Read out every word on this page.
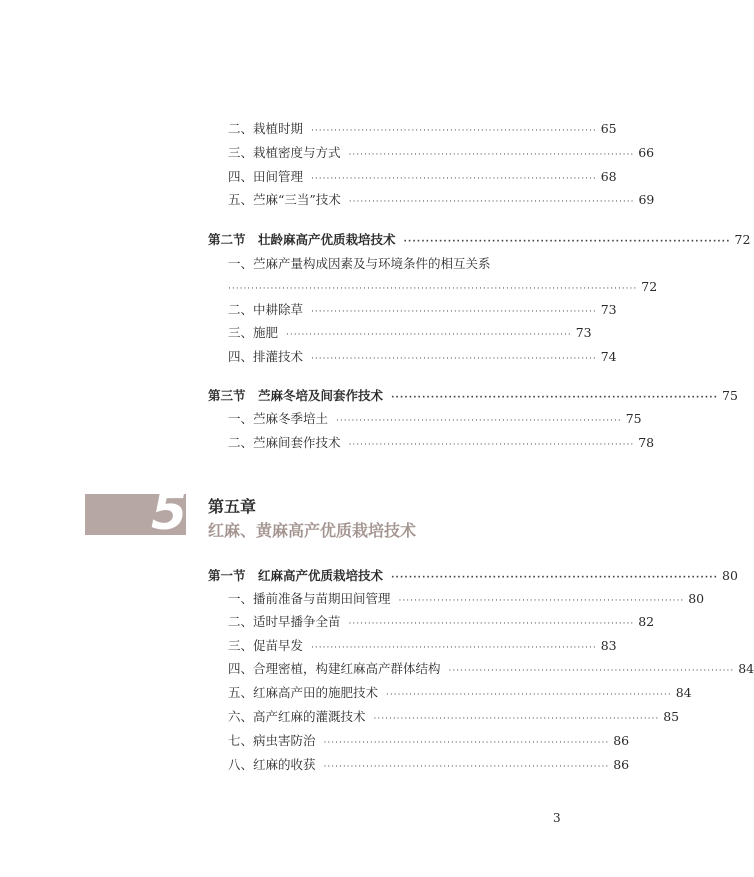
二、栽植时期 ·········································································· 65
三、栽植密度与方式 ·········································································· 66
四、田间管理 ·········································································· 68
五、苎麻“三当”技术 ·········································································· 69
第二节　壮龄麻高产优质栽培技术 ·········································································· 72
一、苎麻产量构成因素及与环境条件的相互关系
·········································································································· 72
二、中耕除草 ·········································································· 73
三、施肥 ·········································································· 73
四、排灌技术 ·········································································· 74
第三节　苎麻冬培及间套作技术 ·········································································· 75
一、苎麻冬季培土 ·········································································· 75
二、苎麻间套作技术 ·········································································· 78
5 第五章
红麻、黄麻高产优质栽培技术
第一节　红麻高产优质栽培技术 ·········································································· 80
一、播前准备与苗期田间管理 ·········································································· 80
二、适时早播争全苗 ·········································································· 82
三、促苗早发 ·········································································· 83
四、合理密植，构建红麻高产群体结构 ·········································································· 84
五、红麻高产田的施肥技术 ·········································································· 84
六、高产红麻的灌溉技术 ·········································································· 85
七、病虫害防治 ·········································································· 86
八、红麻的收获 ·········································································· 86
3
